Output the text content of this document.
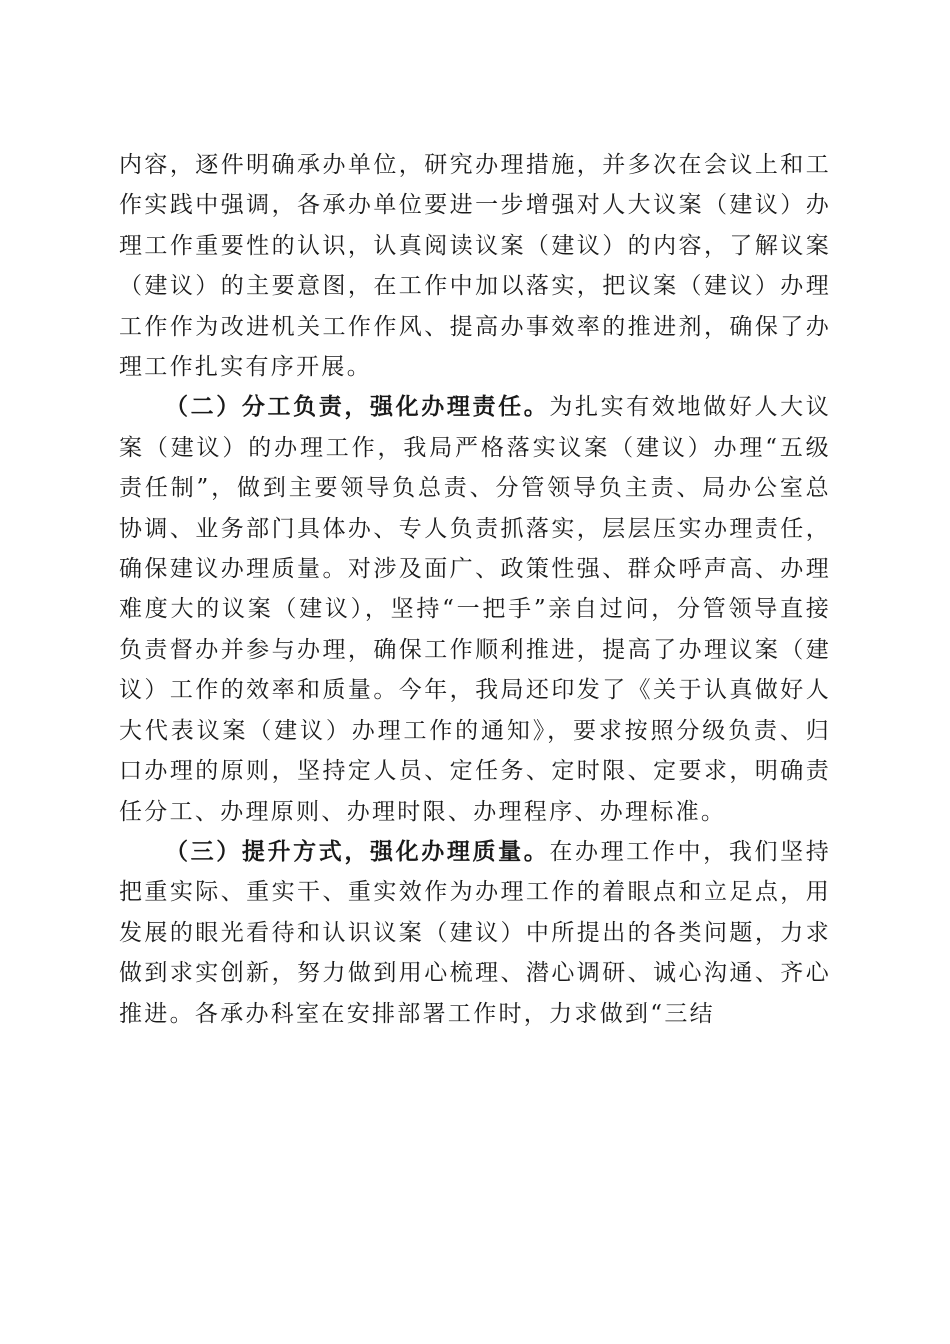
内容，逐件明确承办单位，研究办理措施，并多次在会议上和工作实践中强调，各承办单位要进一步增强对人大议案（建议）办理工作重要性的认识，认真阅读议案（建议）的内容，了解议案（建议）的主要意图，在工作中加以落实，把议案（建议）办理工作作为改进机关工作作风、提高办事效率的推进剂，确保了办理工作扎实有序开展。

（二）分工负责，强化办理责任。为扎实有效地做好人大议案（建议）的办理工作，我局严格落实议案（建议）办理“五级责任制”，做到主要领导负总责、分管领导负主责、局办公室总协调、业务部门具体办、专人负责抓落实，层层压实办理责任，确保建议办理质量。对涉及面广、政策性强、群众呼声高、办理难度大的议案（建议），坚持“一把手”亲自过问，分管领导直接负责督办并参与办理，确保工作顺利推进，提高了办理议案（建议）工作的效率和质量。今年，我局还印发了《关于认真做好人大代表议案（建议）办理工作的通知》，要求按照分级负责、归口办理的原则，坚持定人员、定任务、定时限、定要求，明确责任分工、办理原则、办理时限、办理程序、办理标准。

（三）提升方式，强化办理质量。在办理工作中，我们坚持把重实际、重实干、重实效作为办理工作的着眼点和立足点，用发展的眼光看待和认识议案（建议）中所提出的各类问题，力求做到求实创新，努力做到用心梳理、潜心调研、诚心沟通、齐心推进。各承办科室在安排部署工作时，力求做到“三结
